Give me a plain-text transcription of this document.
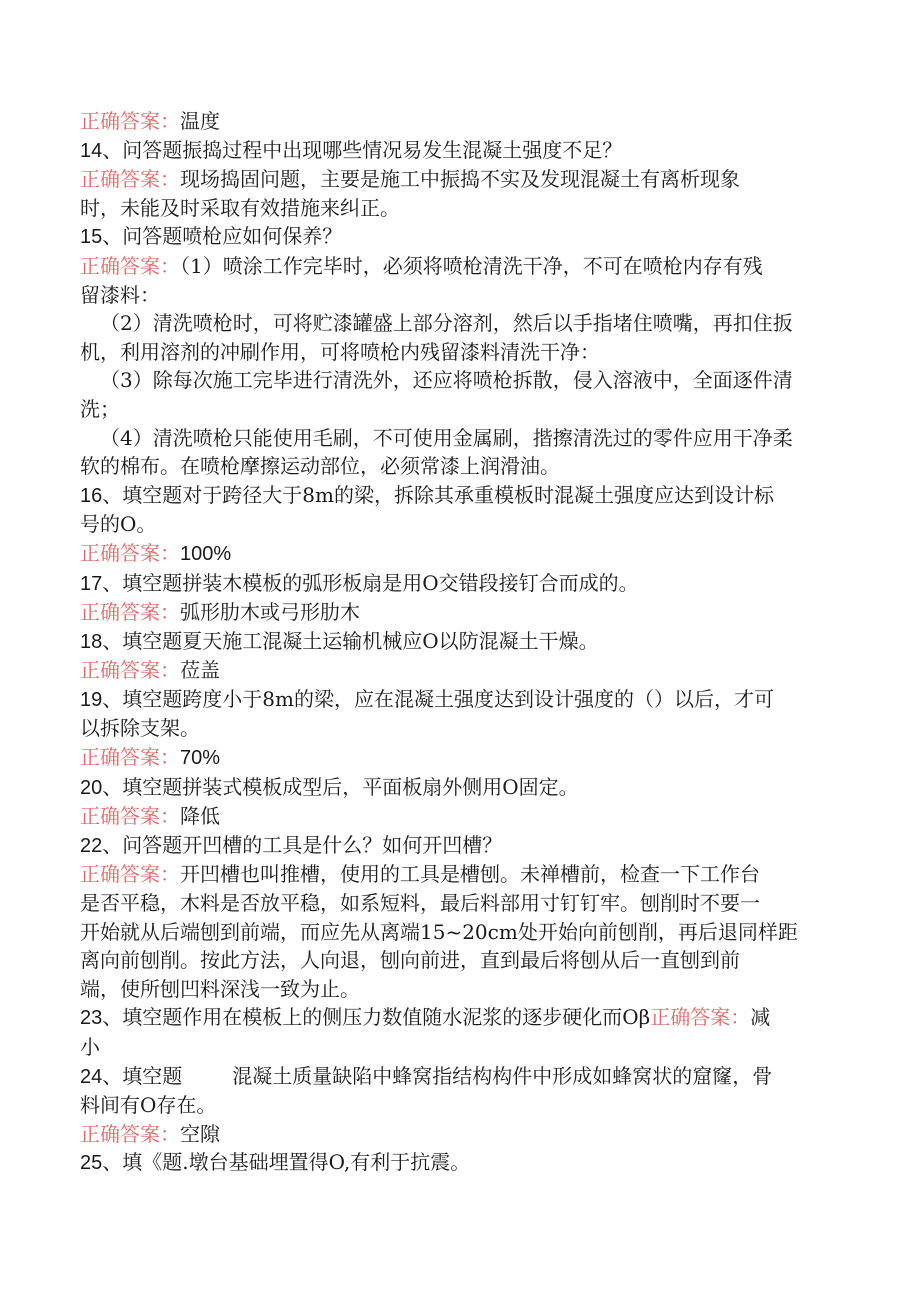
正确答案：温度
14、问答题振捣过程中出现哪些情况易发生混凝土强度不足？
正确答案：现场捣固问题，主要是施工中振捣不实及发现混凝土有离析现象
时，未能及时采取有效措施来纠正。
15、问答题喷枪应如何保养？
正确答案：（1）喷涂工作完毕时，必须将喷枪清洗干净，不可在喷枪内存有残
留漆料：
（2）清洗喷枪时，可将贮漆罐盛上部分溶剂，然后以手指堵住喷嘴，再扣住扳
机，利用溶剂的冲刷作用，可将喷枪内残留漆料清洗干净：
（3）除每次施工完毕进行清洗外，还应将喷枪拆散，侵入溶液中，全面逐件清
洗；
（4）清洗喷枪只能使用毛刷，不可使用金属刷，揩擦清洗过的零件应用干净柔
软的棉布。在喷枪摩擦运动部位，必须常漆上润滑油。
16、填空题对于跨径大于8m的梁，拆除其承重模板时混凝土强度应达到设计标
号的O。
正确答案：100%
17、填空题拼装木模板的弧形板扇是用O交错段接钉合而成的。
正确答案：弧形肋木或弓形肋木
18、填空题夏天施工混凝土运输机械应O以防混凝土干燥。
正确答案：莅盖
19、填空题跨度小于8m的梁，应在混凝土强度达到设计强度的（）以后，才可
以拆除支架。
正确答案：70%
20、填空题拼装式模板成型后，平面板扇外侧用O固定。
正确答案：降低
22、问答题开凹槽的工具是什么？如何开凹槽？
正确答案：开凹槽也叫推槽，使用的工具是槽刨。未禅槽前，检查一下工作台
是否平稳，木料是否放平稳，如系短料，最后料部用寸钉钉牢。刨削时不要一
开始就从后端刨到前端，而应先从离端15~20cm处开始向前刨削，再后退同样距
离向前刨削。按此方法，人向退，刨向前进，直到最后将刨从后一直刨到前
端，使所刨凹料深浅一致为止。
23、填空题作用在模板上的侧压力数值随水泥浆的逐步硬化而Oβ正确答案：减
小
24、填空题	混凝土质量缺陷中蜂窝指结构构件中形成如蜂窝状的窟窿，骨
料间有O存在。
正确答案：空隙
25、填《题.墩台基础埋置得O,有利于抗震。
